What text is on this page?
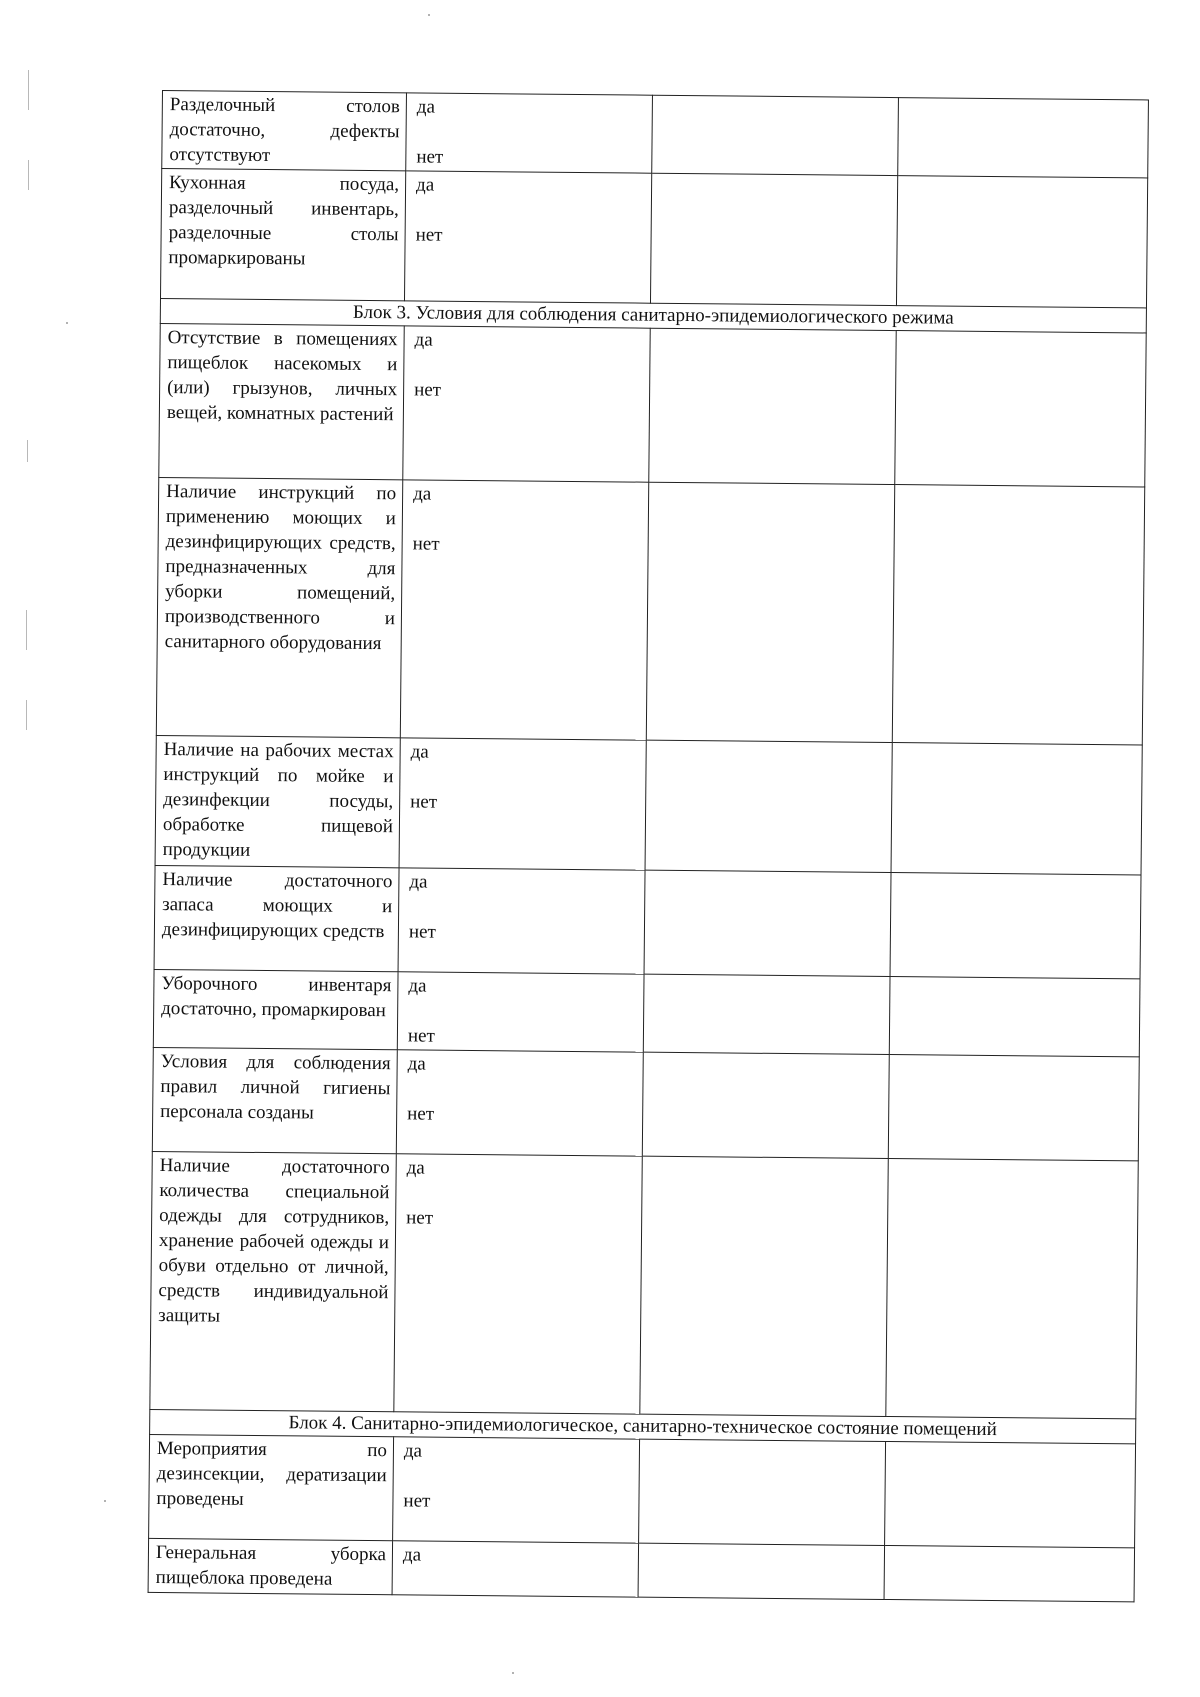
Разделочный столов достаточно, дефекты отсутствуют	да
нет		

Кухонная посуда, разделочный инвентарь, разделочные столы промаркированы	да
нет		

Блок 3. Условия для соблюдения санитарно-эпидемиологического режима			

Отсутствие в помещениях пищеблок насекомых и (или) грызунов, личных вещей, комнатных растений	да
нет		

Наличие инструкций по применению моющих и дезинфицирующих средств, предназначенных для уборки помещений, производственного и санитарного оборудования	да
нет		

Наличие на рабочих местах инструкций по мойке и дезинфекции посуды, обработке пищевой продукции	да
нет		

Наличие достаточного запаса моющих и дезинфицирующих средств	да
нет		

Уборочного инвентаря достаточно, промаркирован	да
нет		

Условия для соблюдения правил личной гигиены персонала созданы	да
нет		

Наличие достаточного количества специальной одежды для сотрудников, хранение рабочей одежды и обуви отдельно от личной, средств индивидуальной защиты	да
нет		

Блок 4. Санитарно-эпидемиологическое, санитарно-техническое состояние помещений			

Мероприятия по дезинсекции, дератизации проведены	да
нет		

Генеральная уборка пищеблока проведена	да		
